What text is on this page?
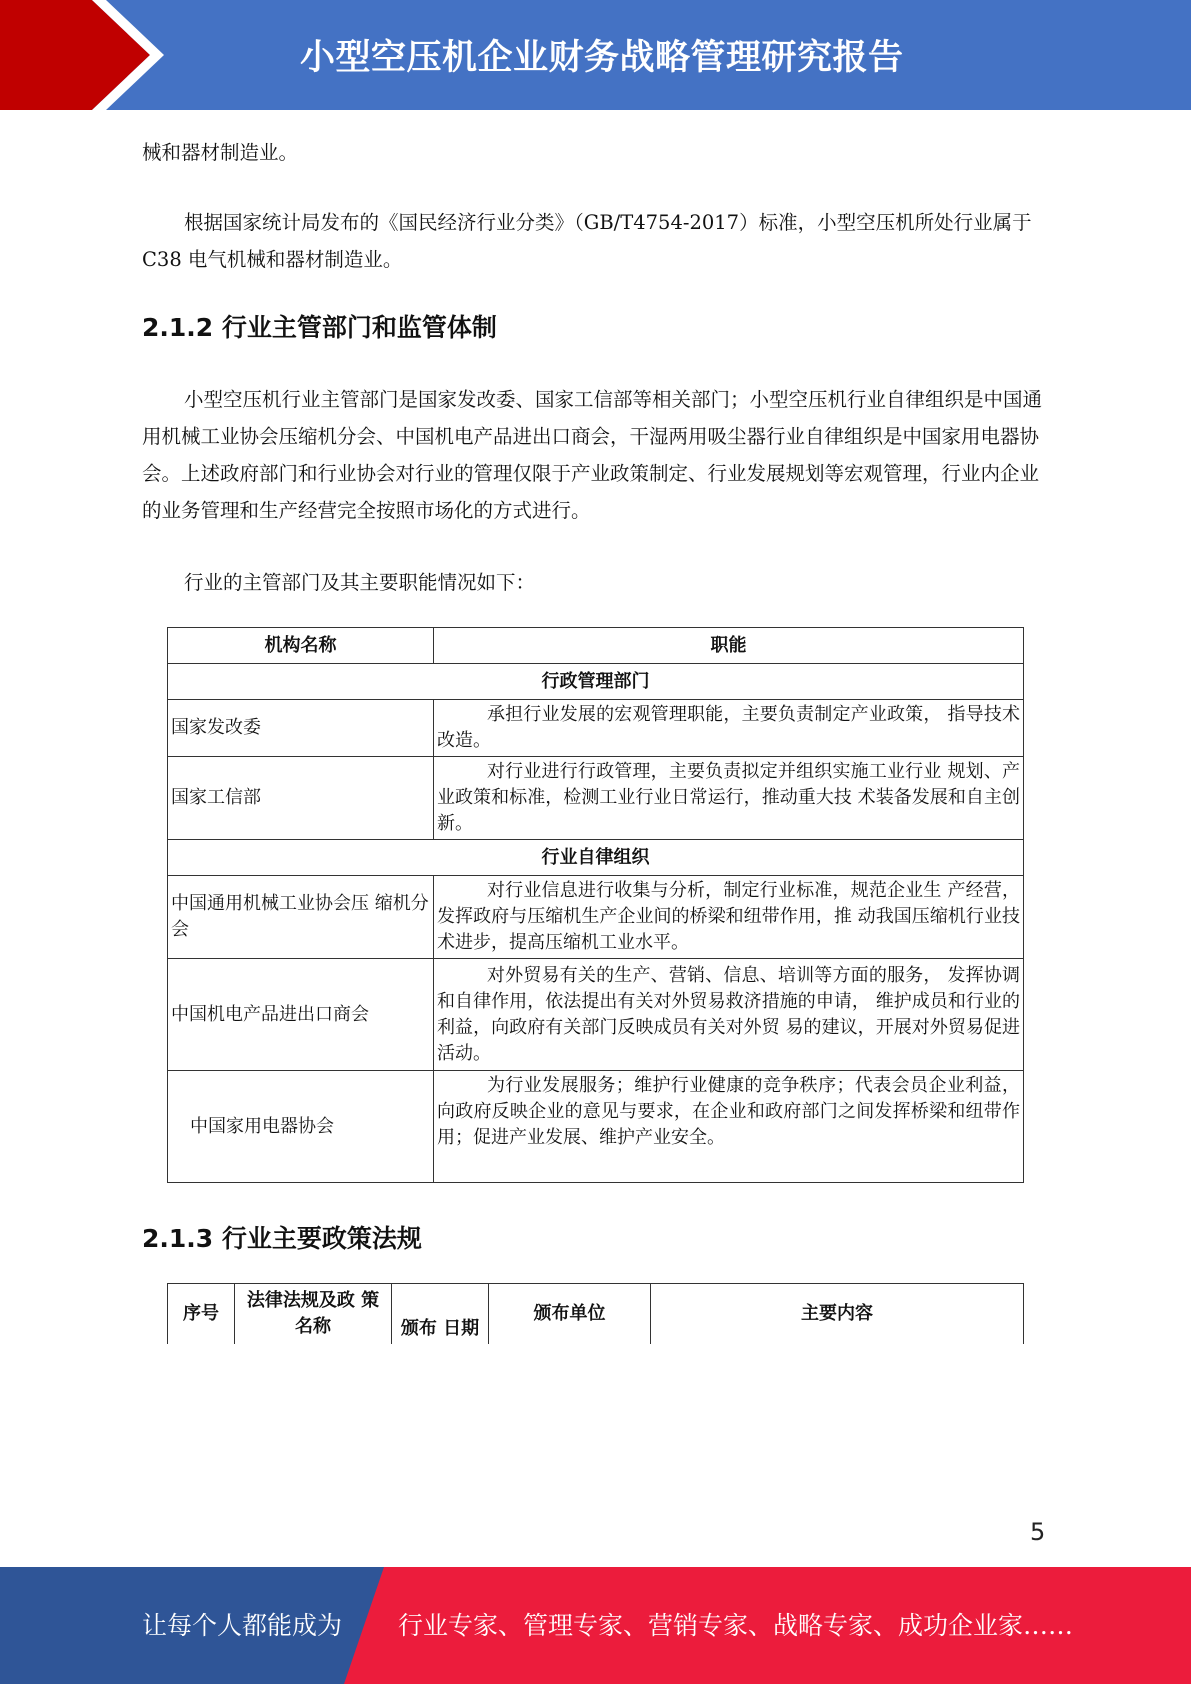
小型空压机企业财务战略管理研究报告

械和器材制造业。

根据国家统计局发布的《国民经济行业分类》（GB/T4754-2017）标准，小型空压机所处行业属于 C38 电气机械和器材制造业。

2.1.2 行业主管部门和监管体制

小型空压机行业主管部门是国家发改委、国家工信部等相关部门；小型空压机行业自律组织是中国通用机械工业协会压缩机分会、中国机电产品进出口商会，干湿两用吸尘器行业自律组织是中国家用电器协会。上述政府部门和行业协会对行业的管理仅限于产业政策制定、行业发展规划等宏观管理，行业内企业的业务管理和生产经营完全按照市场化的方式进行。

行业的主管部门及其主要职能情况如下：

机构名称	职能
行政管理部门	
国家发改委	承担行业发展的宏观管理职能，主要负责制定产业政策， 指导技术改造。
国家工信部	对行业进行行政管理，主要负责拟定并组织实施工业行业 规划、产业政策和标准，检测工业行业日常运行，推动重大技 术装备发展和自主创新。
行业自律组织	
中国通用机械工业协会压 缩机分会	对行业信息进行收集与分析，制定行业标准，规范企业生 产经营，发挥政府与压缩机生产企业间的桥梁和纽带作用，推 动我国压缩机行业技术进步，提高压缩机工业水平。
中国机电产品进出口商会	对外贸易有关的生产、营销、信息、培训等方面的服务， 发挥协调和自律作用，依法提出有关对外贸易救济措施的申请， 维护成员和行业的利益，向政府有关部门反映成员有关对外贸 易的建议，开展对外贸易促进活动。
中国家用电器协会	为行业发展服务；维护行业健康的竞争秩序；代表会员企业利益，向政府反映企业的意见与要求，在企业和政府部门之间发挥桥梁和纽带作用；促进产业发展、维护产业安全。
2.1.3 行业主要政策法规
序号	法律法规及政 策名称	颁布 日期	颁布单位	主要内容
5
让每个人都能成为 行业专家、管理专家、营销专家、战略专家、成功企业家……
